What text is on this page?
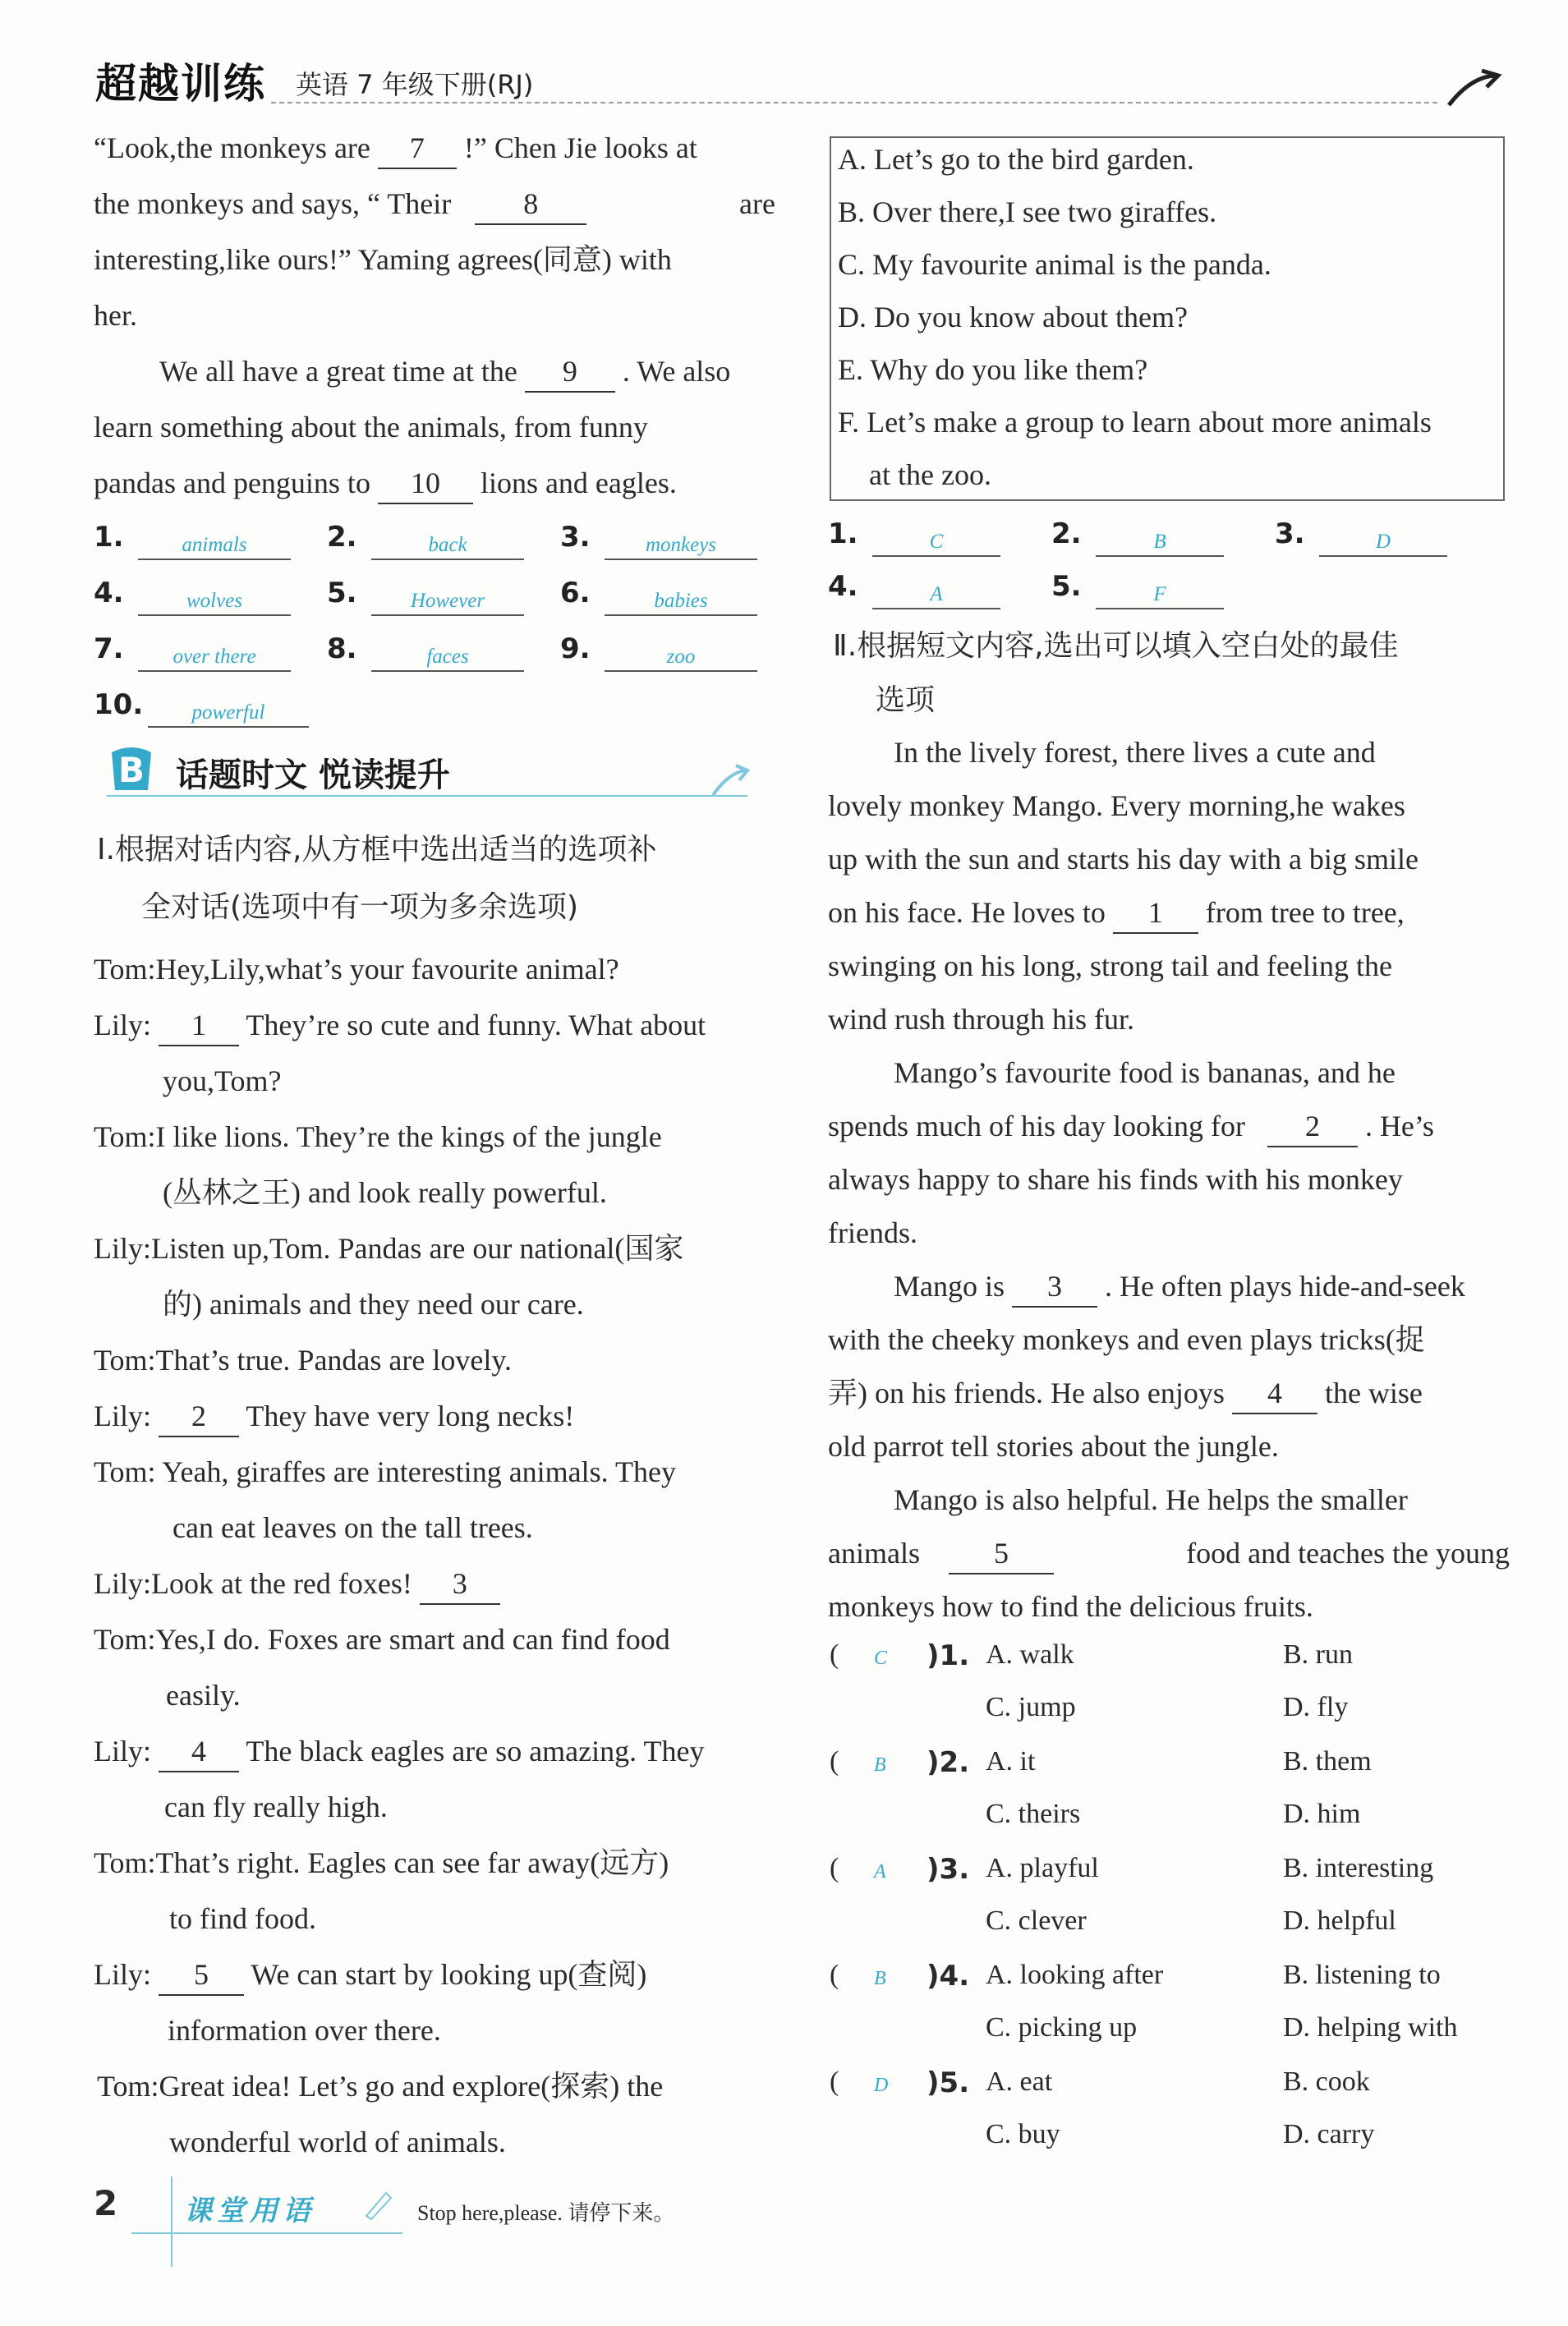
超越训练 英语 7 年级下册(RJ)
“Look,the monkeys are 7 !” Chen Jie looks at
the monkeys and says, “ Their 8	are
interesting,like ours!” Yaming agrees(同意) with
her.
We all have a great time at the 9 . We also
learn something about the animals, from funny
pandas and penguins to 10 lions and eagles.
1.	animals	2.	back	3.	monkeys
4.	wolves	5.	However	6.	babies
7.	over there	8.	faces	9.	zoo
10.	powerful
B 话题时文 悦读提升
Ⅰ.根据对话内容,从方框中选出适当的选项补
全对话(选项中有一项为多余选项)
Tom:Hey,Lily,what’s your favourite animal?
Lily: 1 They’re so cute and funny. What about
you,Tom?
Tom:I like lions. They’re the kings of the jungle
(丛林之王) and look really powerful.
Lily:Listen up,Tom. Pandas are our national(国家
的) animals and they need our care.
Tom:That’s true. Pandas are lovely.
Lily: 2 They have very long necks!
Tom: Yeah, giraffes are interesting animals. They
can eat leaves on the tall trees.
Lily:Look at the red foxes! 3
Tom:Yes,I do. Foxes are smart and can find food
easily.
Lily: 4 The black eagles are so amazing. They
can fly really high.
Tom:That’s right. Eagles can see far away(远方)
to find food.
Lily: 5 We can start by looking up(查阅)
information over there.
Tom:Great idea! Let’s go and explore(探索) the
wonderful world of animals.
A. Let’s go to the bird garden.
B. Over there,I see two giraffes.
C. My favourite animal is the panda.
D. Do you know about them?
E. Why do you like them?
F. Let’s make a group to learn about more animals
at the zoo.
1.	C	2.	B	3.	D
4.	A	5.	F
Ⅱ.根据短文内容,选出可以填入空白处的最佳
选项
In the lively forest, there lives a cute and
lovely monkey Mango. Every morning,he wakes
up with the sun and starts his day with a big smile
on his face. He loves to 1 from tree to tree,
swinging on his long, strong tail and feeling the
wind rush through his fur.
Mango’s favourite food is bananas, and he
spends much of his day looking for 2 . He’s
always happy to share his finds with his monkey
friends.
Mango is 3 . He often plays hide-and-seek
with the cheeky monkeys and even plays tricks(捉
弄) on his friends. He also enjoys 4 the wise
old parrot tell stories about the jungle.
Mango is also helpful. He helps the smaller
animals	5	food and teaches the young
monkeys how to find the delicious fruits.
( C )1. A. walk	B. run
C. jump	D. fly
( B )2. A. it	B. them
C. theirs	D. him
( A )3. A. playful	B. interesting
C. clever	D. helpful
( B )4. A. looking after	B. listening to
C. picking up	D. helping with
( D )5. A. eat	B. cook
C. buy	D. carry
2 课堂用语	Stop here,please. 请停下来。
